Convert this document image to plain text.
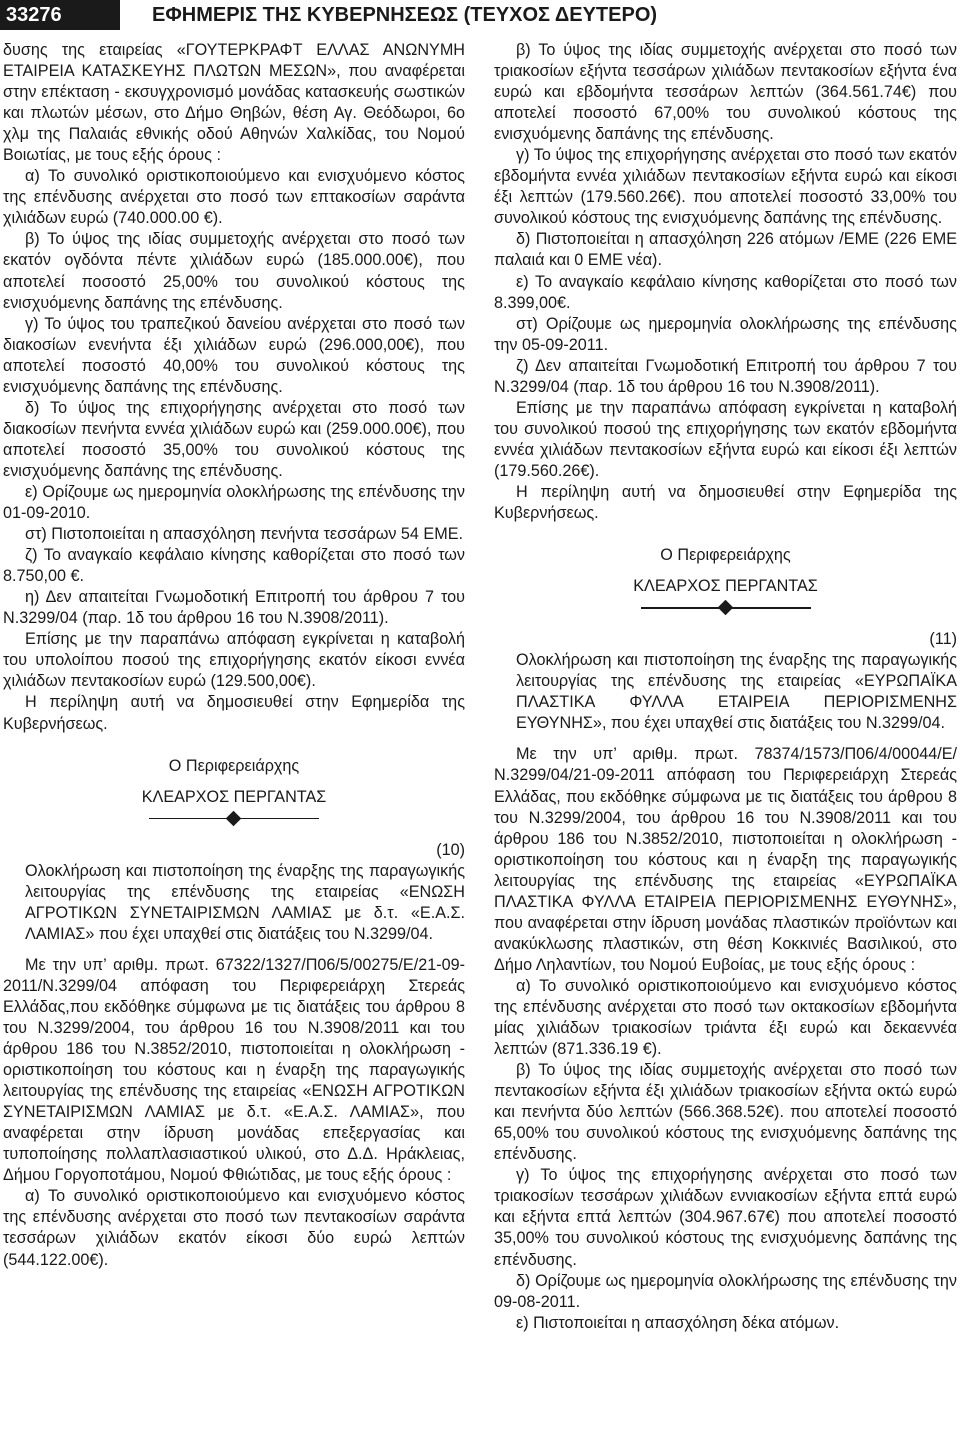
33276	ΕΦΗΜΕΡΙΣ ΤΗΣ ΚΥΒΕΡΝΗΣΕΩΣ (ΤΕΥΧΟΣ ΔΕΥΤΕΡΟ)

δυσης της εταιρείας «ΓΟΥΤΕΡΚΡΑΦΤ ΕΛΛΑΣ ΑΝΩΝΥΜΗ ΕΤΑΙΡΕΙΑ ΚΑΤΑΣΚΕΥΗΣ ΠΛΩΤΩΝ ΜΕΣΩΝ», που αναφέρεται στην επέκταση - εκσυγχρονισμό μονάδας κατασκευής σωστικών και πλωτών μέσων, στο Δήμο Θηβών, θέση Αγ. Θεόδωροι, 6ο χλμ της Παλαιάς εθνικής οδού Αθηνών Χαλκίδας, του Νομού Βοιωτίας, με τους εξής όρους :

α) Το συνολικό οριστικοποιούμενο και ενισχυόμενο κόστος της επένδυσης ανέρχεται στο ποσό των επτακοσίων σαράντα χιλιάδων ευρώ (740.000.00 €).

β) Το ύψος της ιδίας συμμετοχής ανέρχεται στο ποσό των εκατόν ογδόντα πέντε χιλιάδων ευρώ (185.000.00€), που αποτελεί ποσοστό 25,00% του συνολικού κόστους της ενισχυόμενης δαπάνης της επένδυσης.

γ) Το ύψος του τραπεζικού δανείου ανέρχεται στο ποσό των διακοσίων ενενήντα έξι χιλιάδων ευρώ (296.000,00€), που αποτελεί ποσοστό 40,00% του συνολικού κόστους της ενισχυόμενης δαπάνης της επένδυσης.

δ) Το ύψος της επιχορήγησης ανέρχεται στο ποσό των διακοσίων πενήντα εννέα χιλιάδων ευρώ και (259.000.00€), που αποτελεί ποσοστό 35,00% του συνολικού κόστους της ενισχυόμενης δαπάνης της επένδυσης.

ε) Ορίζουμε ως ημερομηνία ολοκλήρωσης της επένδυσης την 01-09-2010.

στ) Πιστοποιείται η απασχόληση πενήντα τεσσάρων 54 ΕΜΕ.

ζ) Το αναγκαίο κεφάλαιο κίνησης καθορίζεται στο ποσό των 8.750,00 €.

η) Δεν απαιτείται Γνωμοδοτική Επιτροπή του άρθρου 7 του Ν.3299/04 (παρ. 1δ του άρθρου 16 του Ν.3908/2011).

Επίσης με την παραπάνω απόφαση εγκρίνεται η καταβολή του υπολοίπου ποσού της επιχορήγησης εκατόν είκοσι εννέα χιλιάδων πεντακοσίων ευρώ (129.500,00€).

Η περίληψη αυτή να δημοσιευθεί στην Εφημερίδα της Κυβερνήσεως.

Ο Περιφερειάρχης

ΚΛΕΑΡΧΟΣ ΠΕΡΓΑΝΤΑΣ

(10)

Ολοκλήρωση και πιστοποίηση της έναρξης της παραγωγικής λειτουργίας της επένδυσης της εταιρείας «ΕΝΩΣΗ ΑΓΡΟΤΙΚΩΝ ΣΥΝΕΤΑΙΡΙΣΜΩΝ ΛΑΜΙΑΣ με δ.τ. «Ε.Α.Σ. ΛΑΜΙΑΣ» που έχει υπαχθεί στις διατάξεις του Ν.3299/04.

Με την υπ’ αριθμ. πρωτ. 67322/1327/Π06/5/00275/Ε/21-09-2011/Ν.3299/04 απόφαση του Περιφερειάρχη Στερεάς Ελλάδας,που εκδόθηκε σύμφωνα με τις διατάξεις του άρθρου 8 του Ν.3299/2004, του άρθρου 16 του Ν.3908/2011 και του άρθρου 186 του Ν.3852/2010, πιστοποιείται η ολοκλήρωση - οριστικοποίηση του κόστους και η έναρξη της παραγωγικής λειτουργίας της επένδυσης της εταιρείας «ΕΝΩΣΗ ΑΓΡΟΤΙΚΩΝ ΣΥΝΕΤΑΙΡΙΣΜΩΝ ΛΑΜΙΑΣ με δ.τ. «Ε.Α.Σ. ΛΑΜΙΑΣ», που αναφέρεται στην ίδρυση μονάδας επεξεργασίας και τυποποίησης πολλαπλασιαστικού υλικού, στο Δ.Δ. Ηράκλειας, Δήμου Γοργοποτάμου, Νομού Φθιώτιδας, με τους εξής όρους :

α) Το συνολικό οριστικοποιούμενο και ενισχυόμενο κόστος της επένδυσης ανέρχεται στο ποσό των πεντακοσίων σαράντα τεσσάρων χιλιάδων εκατόν είκοσι δύο ευρώ λεπτών (544.122.00€).

β) Το ύψος της ιδίας συμμετοχής ανέρχεται στο ποσό των τριακοσίων εξήντα τεσσάρων χιλιάδων πεντακοσίων εξήντα ένα ευρώ και εβδομήντα τεσσάρων λεπτών (364.561.74€) που αποτελεί ποσοστό 67,00% του συνολικού κόστους της ενισχυόμενης δαπάνης της επένδυσης.

γ) Το ύψος της επιχορήγησης ανέρχεται στο ποσό των εκατόν εβδομήντα εννέα χιλιάδων πεντακοσίων εξήντα ευρώ και είκοσι έξι λεπτών (179.560.26€). που αποτελεί ποσοστό 33,00% του συνολικού κόστους της ενισχυόμενης δαπάνης της επένδυσης.

δ) Πιστοποιείται η απασχόληση 226 ατόμων /ΕΜΕ (226 ΕΜΕ παλαιά και 0 ΕΜΕ νέα).

ε) Το αναγκαίο κεφάλαιο κίνησης καθορίζεται στο ποσό των 8.399,00€.

στ) Ορίζουμε ως ημερομηνία ολοκλήρωσης της επένδυσης την 05-09-2011.

ζ) Δεν απαιτείται Γνωμοδοτική Επιτροπή του άρθρου 7 του Ν.3299/04 (παρ. 1δ του άρθρου 16 του Ν.3908/2011).

Επίσης με την παραπάνω απόφαση εγκρίνεται η καταβολή του συνολικού ποσού της επιχορήγησης των εκατόν εβδομήντα εννέα χιλιάδων πεντακοσίων εξήντα ευρώ και είκοσι έξι λεπτών (179.560.26€).

Η περίληψη αυτή να δημοσιευθεί στην Εφημερίδα της Κυβερνήσεως.

Ο Περιφερειάρχης

ΚΛΕΑΡΧΟΣ ΠΕΡΓΑΝΤΑΣ

(11)

Ολοκλήρωση και πιστοποίηση της έναρξης της παραγωγικής λειτουργίας της επένδυσης της εταιρείας «ΕΥΡΩΠΑΪΚΑ ΠΛΑΣΤΙΚΑ ΦΥΛΛΑ ΕΤΑΙΡΕΙΑ ΠΕΡΙΟΡΙΣΜΕΝΗΣ ΕΥΘΥΝΗΣ», που έχει υπαχθεί στις διατάξεις του Ν.3299/04.

Με την υπ’ αριθμ. πρωτ. 78374/1573/Π06/4/00044/Ε/Ν.3299/04/21-09-2011 απόφαση του Περιφερειάρχη Στερεάς Ελλάδας, που εκδόθηκε σύμφωνα με τις διατάξεις του άρθρου 8 του Ν.3299/2004, του άρθρου 16 του Ν.3908/2011 και του άρθρου 186 του Ν.3852/2010, πιστοποιείται η ολοκλήρωση - οριστικοποίηση του κόστους και η έναρξη της παραγωγικής λειτουργίας της επένδυσης της εταιρείας «ΕΥΡΩΠΑΪΚΑ ΠΛΑΣΤΙΚΑ ΦΥΛΛΑ ΕΤΑΙΡΕΙΑ ΠΕΡΙΟΡΙΣΜΕΝΗΣ ΕΥΘΥΝΗΣ», που αναφέρεται στην ίδρυση μονάδας πλαστικών προϊόντων και ανακύκλωσης πλαστικών, στη θέση Κοκκινιές Βασιλικού, στο Δήμο Ληλαντίων, του Νομού Ευβοίας, με τους εξής όρους :

α) Το συνολικό οριστικοποιούμενο και ενισχυόμενο κόστος της επένδυσης ανέρχεται στο ποσό των οκτακοσίων εβδομήντα μίας χιλιάδων τριακοσίων τριάντα έξι ευρώ και δεκαεννέα λεπτών (871.336.19 €).

β) Το ύψος της ιδίας συμμετοχής ανέρχεται στο ποσό των πεντακοσίων εξήντα έξι χιλιάδων τριακοσίων εξήντα οκτώ ευρώ και πενήντα δύο λεπτών (566.368.52€). που αποτελεί ποσοστό 65,00% του συνολικού κόστους της ενισχυόμενης δαπάνης της επένδυσης.

γ) Το ύψος της επιχορήγησης ανέρχεται στο ποσό των τριακοσίων τεσσάρων χιλιάδων εννιακοσίων εξήντα επτά ευρώ και εξήντα επτά λεπτών (304.967.67€) που αποτελεί ποσοστό 35,00% του συνολικού κόστους της ενισχυόμενης δαπάνης της επένδυσης.

δ) Ορίζουμε ως ημερομηνία ολοκλήρωσης της επένδυσης την 09-08-2011.

ε) Πιστοποιείται η απασχόληση δέκα ατόμων.
